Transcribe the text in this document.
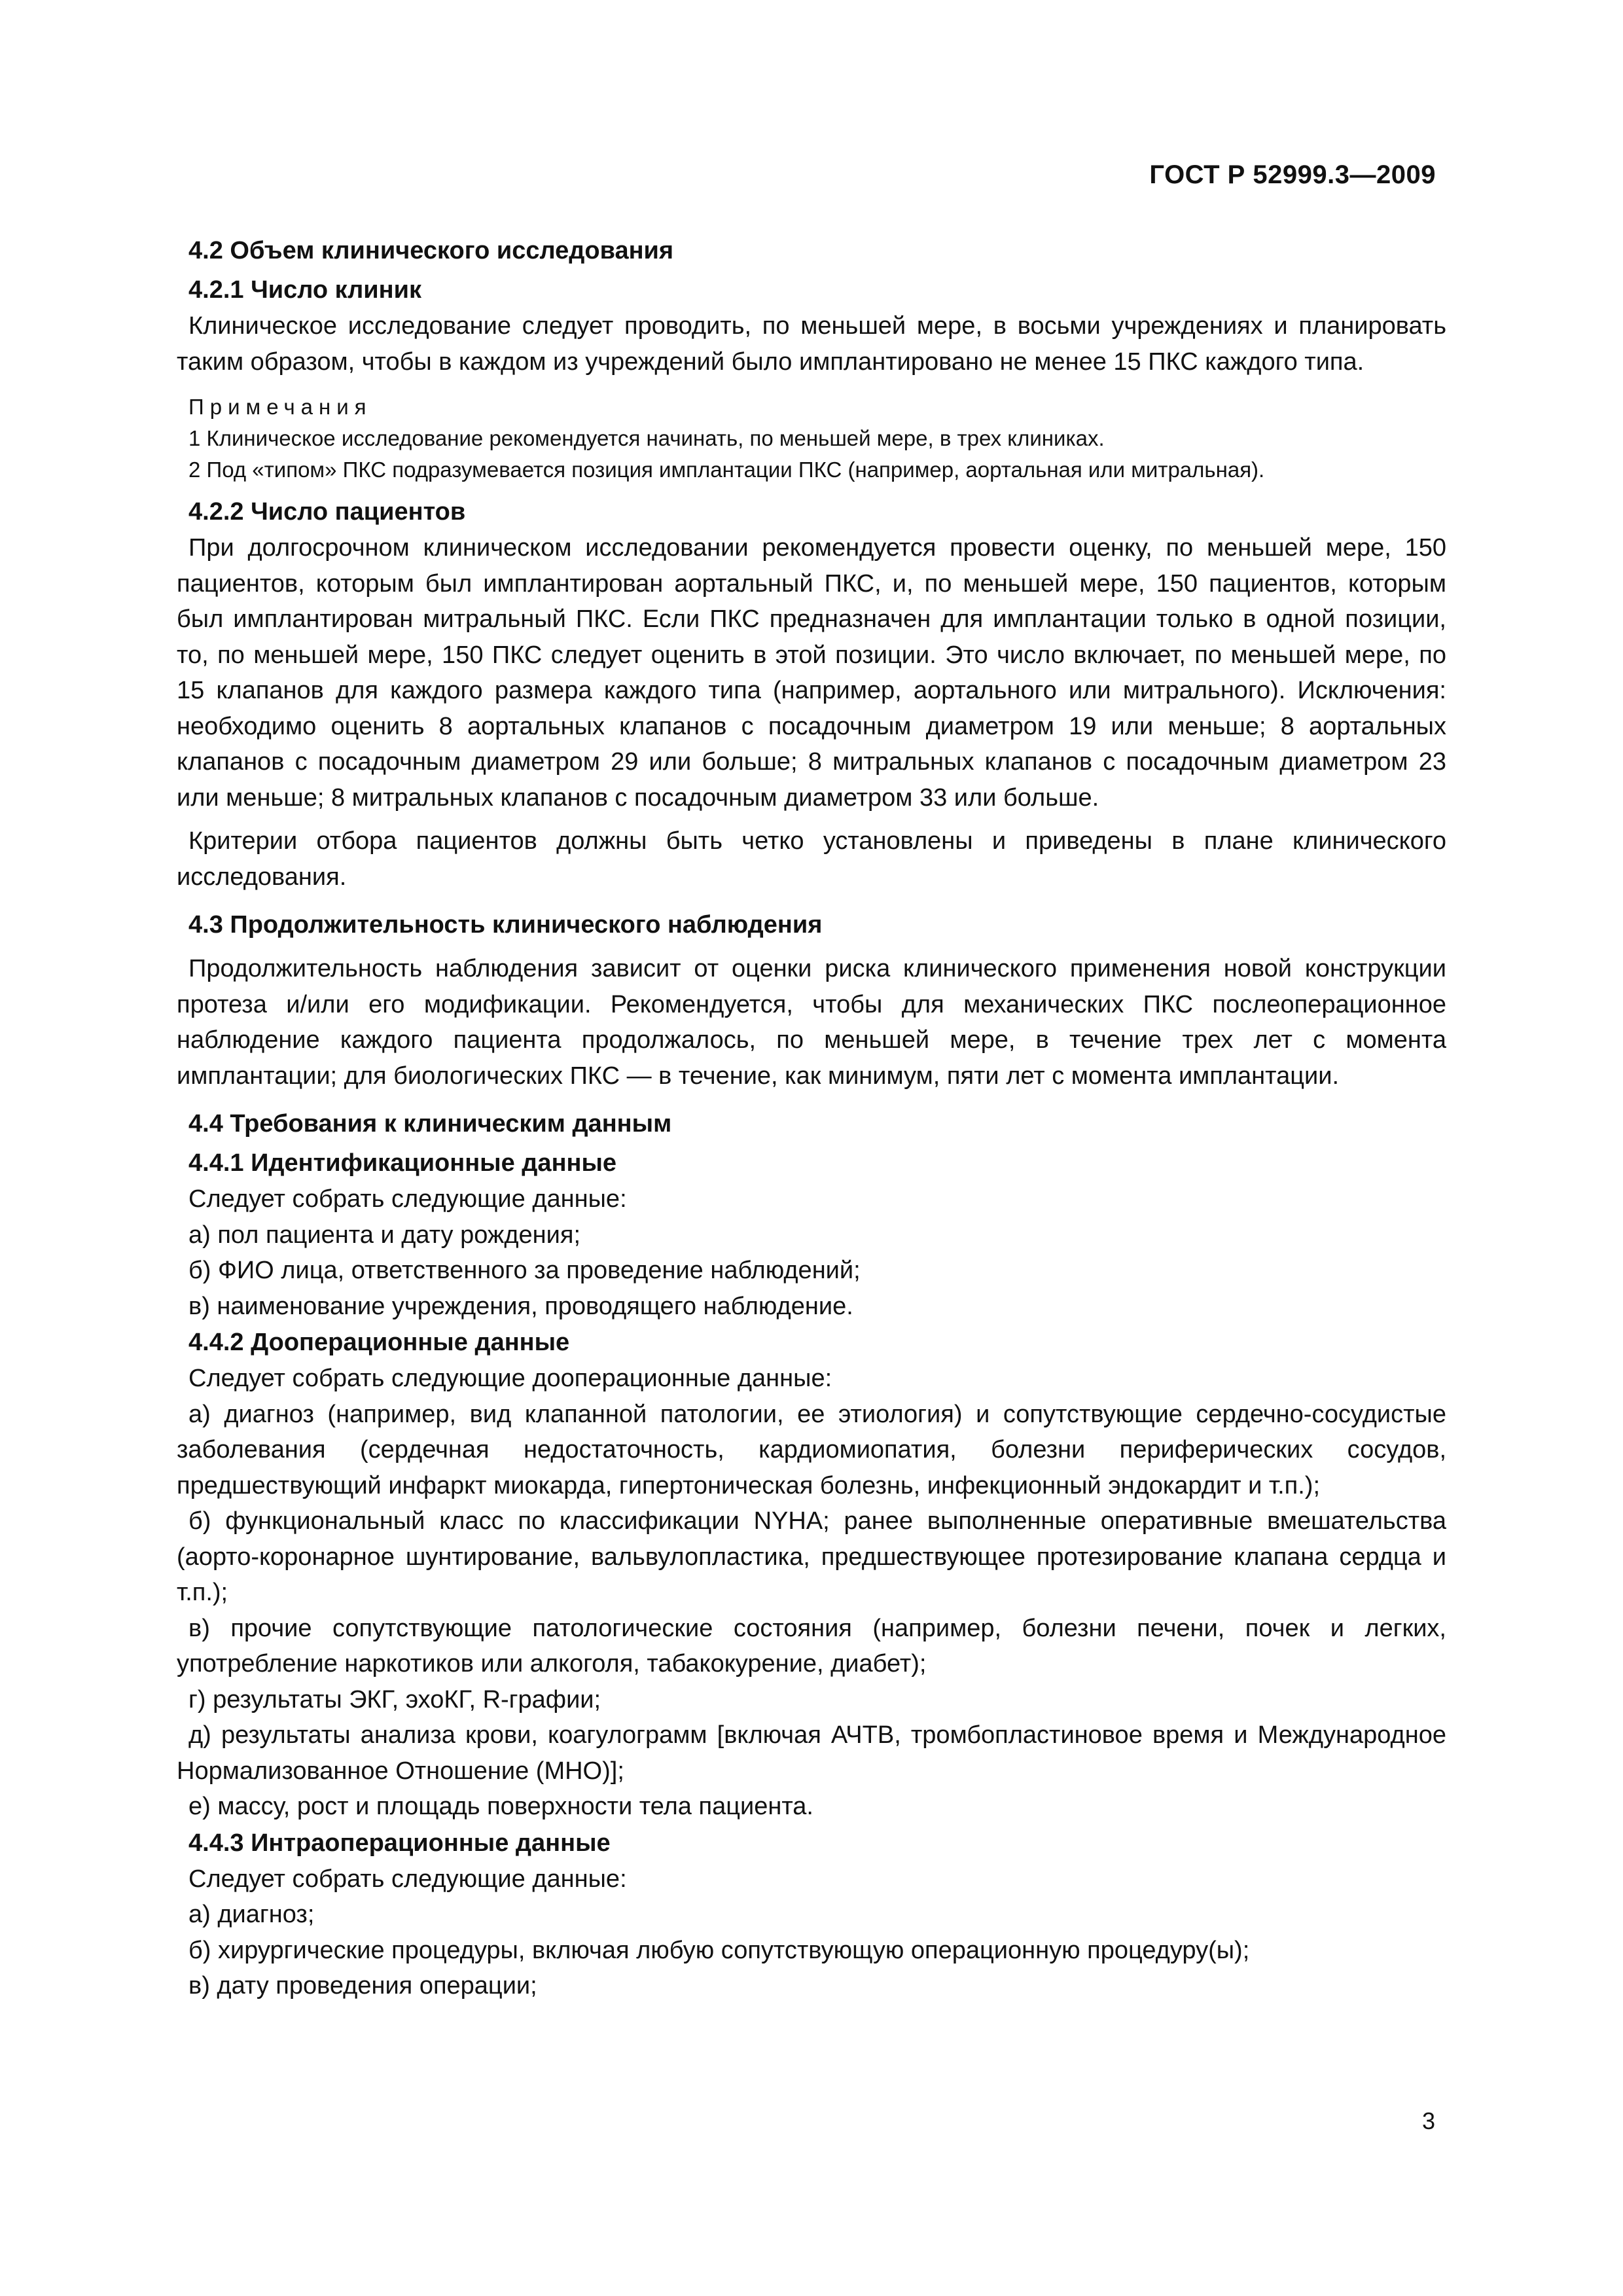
ГОСТ Р 52999.3—2009
4.2 Объем клинического исследования
4.2.1 Число клиник

Клиническое исследование следует проводить, по меньшей мере, в восьми учреждениях и планировать таким образом, чтобы в каждом из учреждений было имплантировано не менее 15 ПКС каждого типа.

Примечания

1 Клиническое исследование рекомендуется начинать, по меньшей мере, в трех клиниках.

2 Под «типом» ПКС подразумевается позиция имплантации ПКС (например, аортальная или митральная).

4.2.2 Число пациентов

При долгосрочном клиническом исследовании рекомендуется провести оценку, по меньшей мере, 150 пациентов, которым был имплантирован аортальный ПКС, и, по меньшей мере, 150 пациентов, которым был имплантирован митральный ПКС. Если ПКС предназначен для имплантации только в одной позиции, то, по меньшей мере, 150 ПКС следует оценить в этой позиции. Это число включает, по меньшей мере, по 15 клапанов для каждого размера каждого типа (например, аортального или митрального). Исключения: необходимо оценить 8 аортальных клапанов с посадочным диаметром 19 или меньше; 8 аортальных клапанов с посадочным диаметром 29 или больше; 8 митральных клапанов с посадочным диаметром 23 или меньше; 8 митральных клапанов с посадочным диаметром 33 или больше.

Критерии отбора пациентов должны быть четко установлены и приведены в плане клинического исследования.

4.3 Продолжительность клинического наблюдения

Продолжительность наблюдения зависит от оценки риска клинического применения новой конструкции протеза и/или его модификации. Рекомендуется, чтобы для механических ПКС послеоперационное наблюдение каждого пациента продолжалось, по меньшей мере, в течение трех лет с момента имплантации; для биологических ПКС — в течение, как минимум, пяти лет с момента имплантации.

4.4 Требования к клиническим данным
4.4.1 Идентификационные данные

Следует собрать следующие данные:

а) пол пациента и дату рождения;

б) ФИО лица, ответственного за проведение наблюдений;

в) наименование учреждения, проводящего наблюдение.

4.4.2 Дооперационные данные

Следует собрать следующие дооперационные данные:

а) диагноз (например, вид клапанной патологии, ее этиология) и сопутствующие сердечно-сосудистые заболевания (сердечная недостаточность, кардиомиопатия, болезни периферических сосудов, предшествующий инфаркт миокарда, гипертоническая болезнь, инфекционный эндокардит и т.п.);

б) функциональный класс по классификации NYHA; ранее выполненные оперативные вмешательства (аорто-коронарное шунтирование, вальвулопластика, предшествующее протезирование клапана сердца и т.п.);

в) прочие сопутствующие патологические состояния (например, болезни печени, почек и легких, употребление наркотиков или алкоголя, табакокурение, диабет);

г) результаты ЭКГ, эхоКГ, R-графии;

д) результаты анализа крови, коагулограмм [включая АЧТВ, тромбопластиновое время и Международное Нормализованное Отношение (МНО)];

е) массу, рост и площадь поверхности тела пациента.

4.4.3 Интраоперационные данные

Следует собрать следующие данные:

а) диагноз;

б) хирургические процедуры, включая любую сопутствующую операционную процедуру(ы);

в) дату проведения операции;

3
